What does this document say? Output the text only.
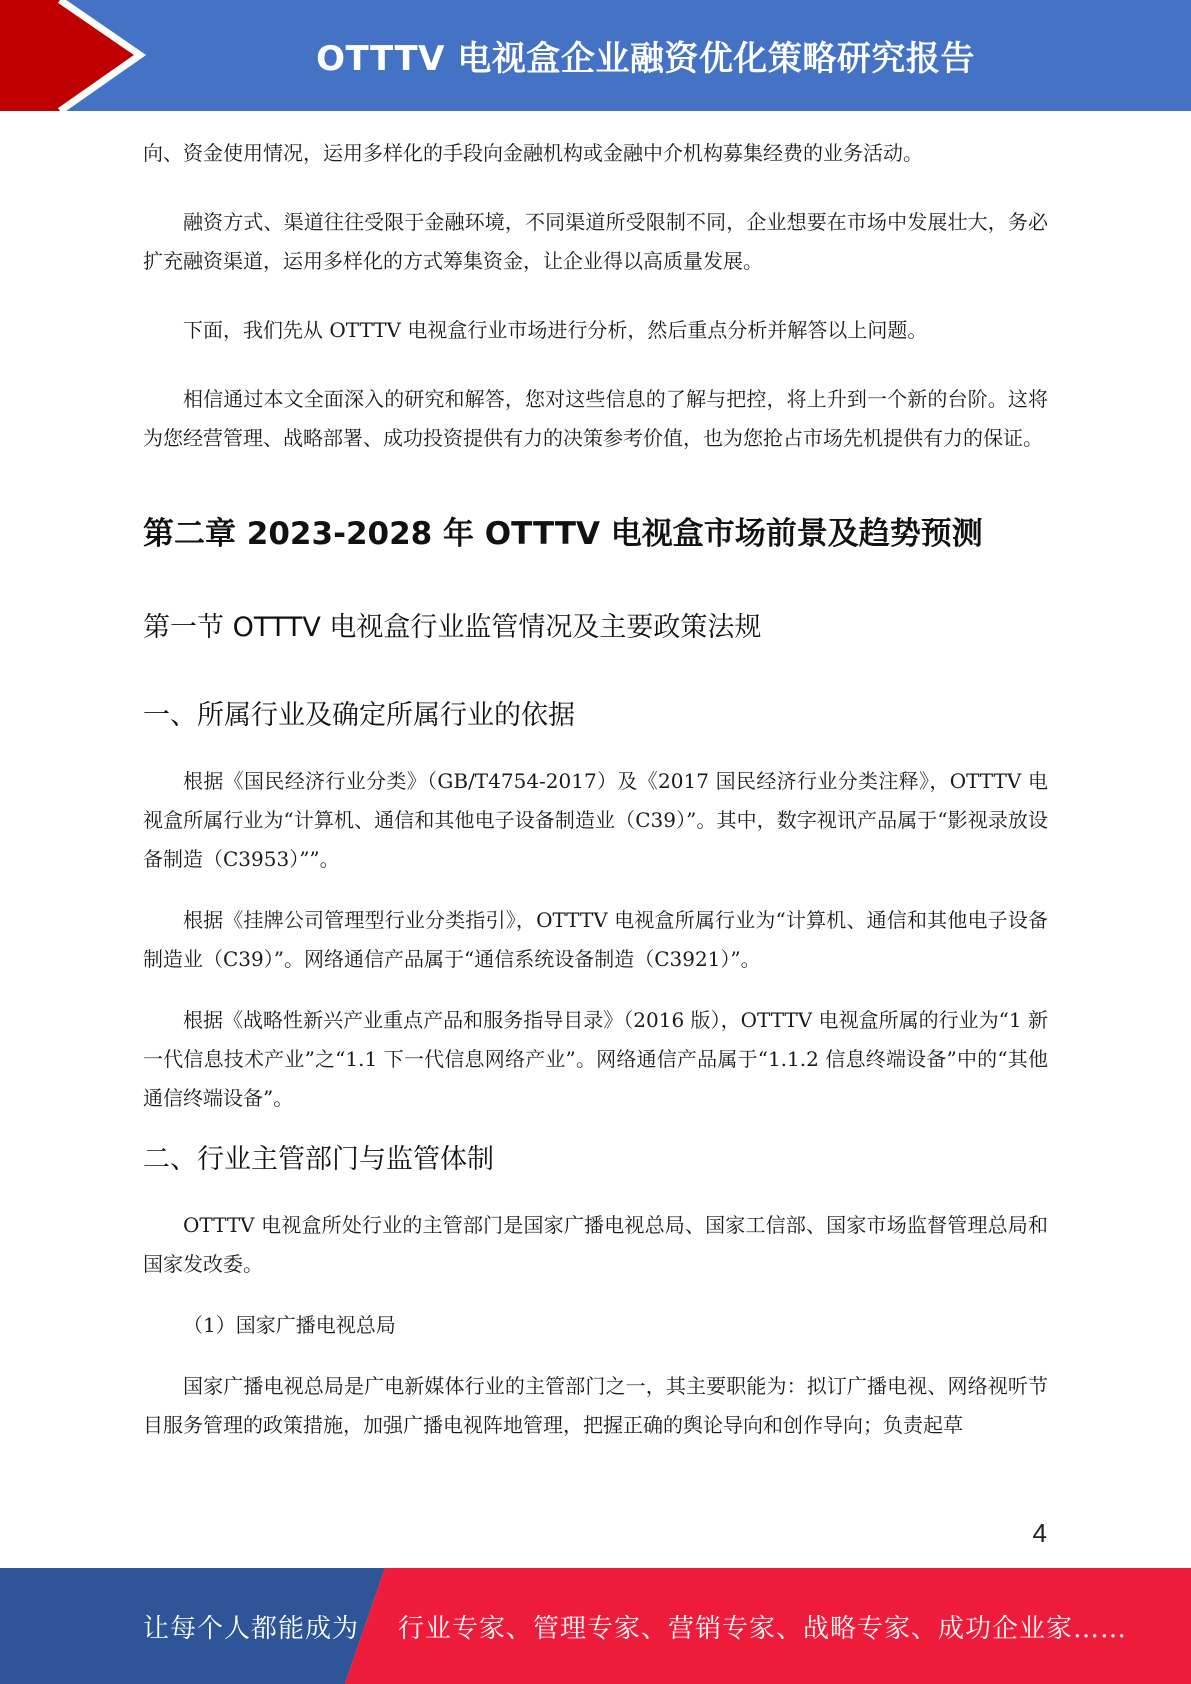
OTTTV 电视盒企业融资优化策略研究报告

向、资金使用情况，运用多样化的手段向金融机构或金融中介机构募集经费的业务活动。

融资方式、渠道往往受限于金融环境，不同渠道所受限制不同，企业想要在市场中发展壮大，务必扩充融资渠道，运用多样化的方式筹集资金，让企业得以高质量发展。

下面，我们先从 OTTTV 电视盒行业市场进行分析，然后重点分析并解答以上问题。

相信通过本文全面深入的研究和解答，您对这些信息的了解与把控，将上升到一个新的台阶。这将为您经营管理、战略部署、成功投资提供有力的决策参考价值，也为您抢占市场先机提供有力的保证。

第二章 2023-2028 年 OTTTV 电视盒市场前景及趋势预测
第一节 OTTTV 电视盒行业监管情况及主要政策法规
一、所属行业及确定所属行业的依据

根据《国民经济行业分类》（GB/T4754-2017）及《2017 国民经济行业分类注释》，OTTTV 电视盒所属行业为“计算机、通信和其他电子设备制造业（C39）”。其中，数字视讯产品属于“影视录放设备制造（C3953）””。

根据《挂牌公司管理型行业分类指引》，OTTTV 电视盒所属行业为“计算机、通信和其他电子设备制造业（C39）”。网络通信产品属于“通信系统设备制造（C3921）”。

根据《战略性新兴产业重点产品和服务指导目录》（2016 版），OTTTV 电视盒所属的行业为“1 新一代信息技术产业”之“1.1 下一代信息网络产业”。网络通信产品属于“1.1.2 信息终端设备”中的“其他通信终端设备”。

二、行业主管部门与监管体制

OTTTV 电视盒所处行业的主管部门是国家广播电视总局、国家工信部、国家市场监督管理总局和国家发改委。

（1）国家广播电视总局

国家广播电视总局是广电新媒体行业的主管部门之一，其主要职能为：拟订广播电视、网络视听节目服务管理的政策措施，加强广播电视阵地管理，把握正确的舆论导向和创作导向；负责起草

4
让每个人都能成为 行业专家、管理专家、营销专家、战略专家、成功企业家……
